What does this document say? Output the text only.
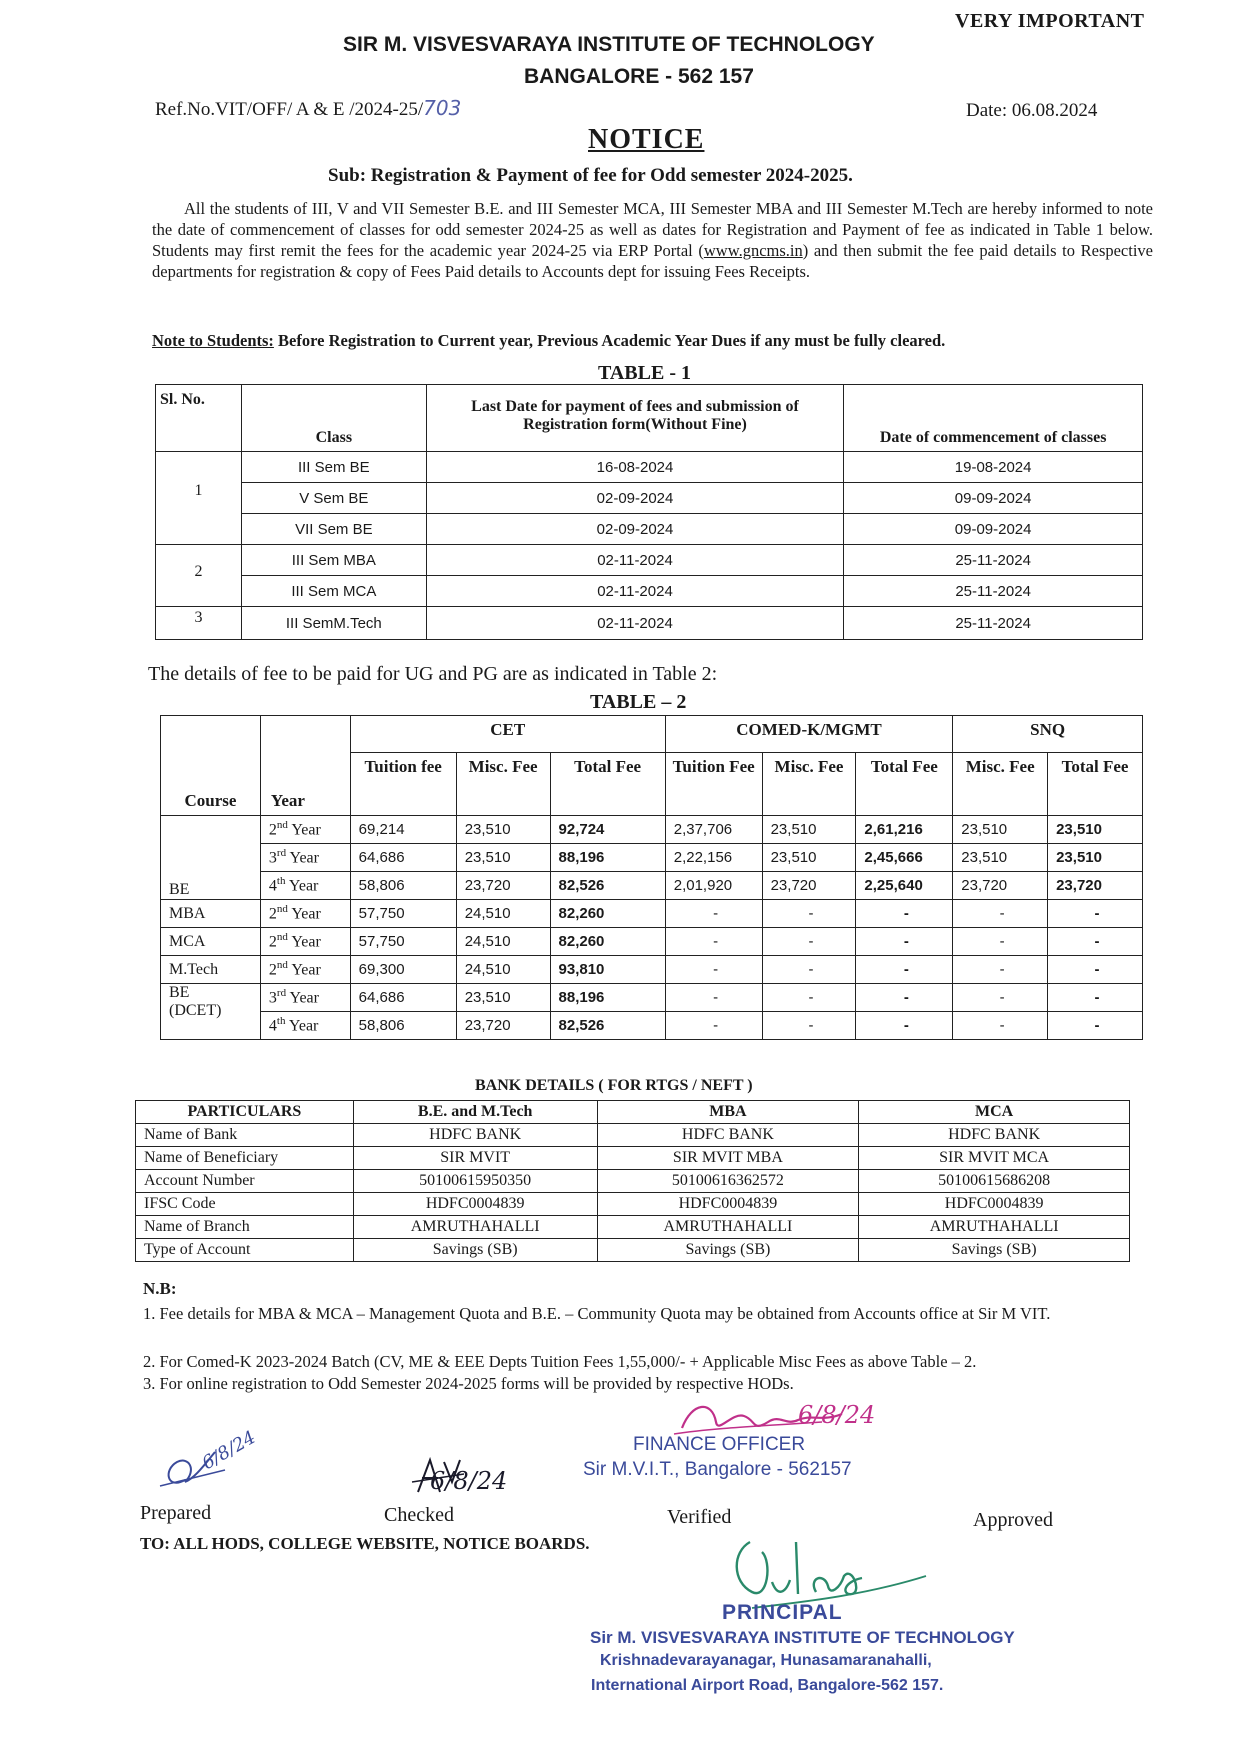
VERY IMPORTANT
SIR M. VISVESVARAYA INSTITUTE OF TECHNOLOGY
BANGALORE - 562 157
Ref.No.VIT/OFF/ A & E /2024-25/703	Date: 06.08.2024
NOTICE
Sub: Registration & Payment of fee for Odd semester 2024-2025.
All the students of III, V and VII Semester B.E. and III Semester MCA, III Semester MBA and III Semester M.Tech are hereby informed to note the date of commencement of classes for odd semester 2024-25 as well as dates for Registration and Payment of fee as indicated in Table 1 below. Students may first remit the fees for the academic year 2024-25 via ERP Portal (www.gncms.in) and then submit the fee paid details to Respective departments for registration & copy of Fees Paid details to Accounts dept for issuing Fees Receipts.
Note to Students: Before Registration to Current year, Previous Academic Year Dues if any must be fully cleared.
TABLE - 1
Sl. No.	Class	Last Date for payment of fees and submission of Registration form(Without Fine)	Date of commencement of classes
1	III Sem BE	16-08-2024	19-08-2024
	V Sem BE	02-09-2024	09-09-2024
	VII Sem BE	02-09-2024	09-09-2024
2	III Sem MBA	02-11-2024	25-11-2024
	III Sem MCA	02-11-2024	25-11-2024
3	III SemM.Tech	02-11-2024	25-11-2024
The details of fee to be paid for UG and PG are as indicated in Table 2:
TABLE – 2
Course	Year	CET			COMED-K/MGMT			SNQ	
		Tuition fee	Misc. Fee	Total Fee	Tuition Fee	Misc. Fee	Total Fee	Misc. Fee	Total Fee

BE	2nd Year	69,214	23,510	92,724	2,37,706	23,510	2,61,216	23,510	23,510
	3rd Year	64,686	23,510	88,196	2,22,156	23,510	2,45,666	23,510	23,510
	4th Year	58,806	23,720	82,526	2,01,920	23,720	2,25,640	23,720	23,720

MBA	2nd Year	57,750	24,510	82,260	-	-	-	-	-

MCA	2nd Year	57,750	24,510	82,260	-	-	-	-	-

M.Tech	2nd Year	69,300	24,510	93,810	-	-	-	-	-

BE
(DCET)	3rd Year	64,686	23,510	88,196	-	-	-	-	-
	4th Year	58,806	23,720	82,526	-	-	-	-	-
BANK DETAILS ( FOR RTGS / NEFT )
PARTICULARS	B.E. and M.Tech	MBA	MCA
Name of Bank	HDFC BANK	HDFC BANK	HDFC BANK
Name of Beneficiary	SIR MVIT	SIR MVIT MBA	SIR MVIT MCA
Account Number	50100615950350	50100616362572	50100615686208
IFSC Code	HDFC0004839	HDFC0004839	HDFC0004839
Name of Branch	AMRUTHAHALLI	AMRUTHAHALLI	AMRUTHAHALLI
Type of Account	Savings (SB)	Savings (SB)	Savings (SB)
N.B:
1. Fee details for MBA & MCA – Management Quota and B.E. – Community Quota may be obtained from Accounts office at Sir M VIT.
2. For Comed-K 2023-2024 Batch (CV, ME & EEE Depts Tuition Fees 1,55,000/- + Applicable Misc Fees as above Table – 2.
3. For online registration to Odd Semester 2024-2025 forms will be provided by respective HODs.
6/8/24
FINANCE OFFICER
Sir M.V.I.T., Bangalore - 562157
6/8/24
6/8/24
Prepared	Checked	Verified	Approved
TO: ALL HODS, COLLEGE WEBSITE, NOTICE BOARDS.
PRINCIPAL
Sir M. VISVESVARAYA INSTITUTE OF TECHNOLOGY
Krishnadevarayanagar, Hunasamaranahalli,
International Airport Road, Bangalore-562 157.
